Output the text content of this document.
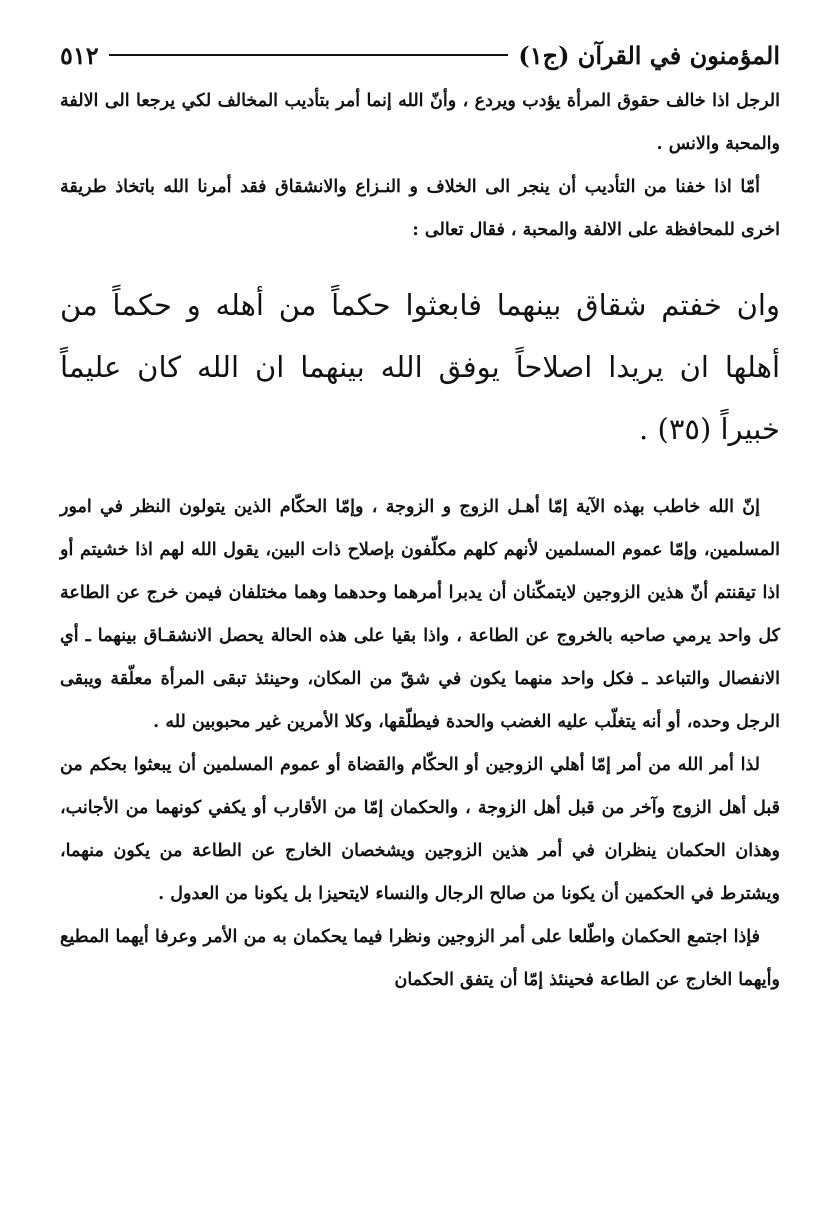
٥١٢	المؤمنون في القرآن (ج١)

الرجل اذا خالف حقوق المرأة يؤدب ويردع ، وأنّ الله إنما أمر بتأديب المخالف لكي يرجعا الى الالفة والمحبة والانس .

أمّا اذا خفنا من التأديب أن ينجر الى الخلاف و النـزاع والانشقاق فقد أمرنا الله باتخاذ طريقة اخرى للمحافظة على الالفة والمحبة ، فقال تعالى :

وان خفتم شقاق بينهما فابعثوا حكماً من أهله و حكماً من أهلها ان يريدا اصلاحاً يوفق الله بينهما ان الله كان عليماً خبيراً (٣٥) .

إنّ الله خاطب بهذه الآية إمّا أهـل الزوج و الزوجة ، وإمّا الحكّام الذين يتولون النظر في امور المسلمين، وإمّا عموم المسلمين لأنهم كلهم مكلّفون بإصلاح ذات البين، يقول الله لهم اذا خشيتم أو اذا تيقنتم أنّ هذين الزوجين لايتمكّنان أن يدبرا أمرهما وحدهما وهما مختلفان فيمن خرج عن الطاعة كل واحد يرمي صاحبه بالخروج عن الطاعة ، واذا بقيا على هذه الحالة يحصل الانشقـاق بينهما ـ أي الانفصال والتباعد ـ فكل واحد منهما يكون في شقّ من المكان، وحينئذ تبقى المرأة معلّقة ويبقى الرجل وحده، أو أنه يتغلّب عليه الغضب والحدة فيطلّقها، وكلا الأمرين غير محبوبين لله .

لذا أمر الله من أمر إمّا أهلي الزوجين أو الحكّام والقضاة أو عموم المسلمين أن يبعثوا بحكم من قبل أهل الزوج وآخر من قبل أهل الزوجة ، والحكمان إمّا من الأقارب أو يكفي كونهما من الأجانب، وهذان الحكمان ينظران في أمر هذين الزوجين ويشخصان الخارج عن الطاعة من يكون منهما، ويشترط في الحكمين أن يكونا من صالح الرجال والنساء لايتحيزا بل يكونا من العدول .

فإذا اجتمع الحكمان واطّلعا على أمر الزوجين ونظرا فيما يحكمان به من الأمر وعرفا أيهما المطيع وأيهما الخارج عن الطاعة فحينئذ إمّا أن يتفق الحكمان
